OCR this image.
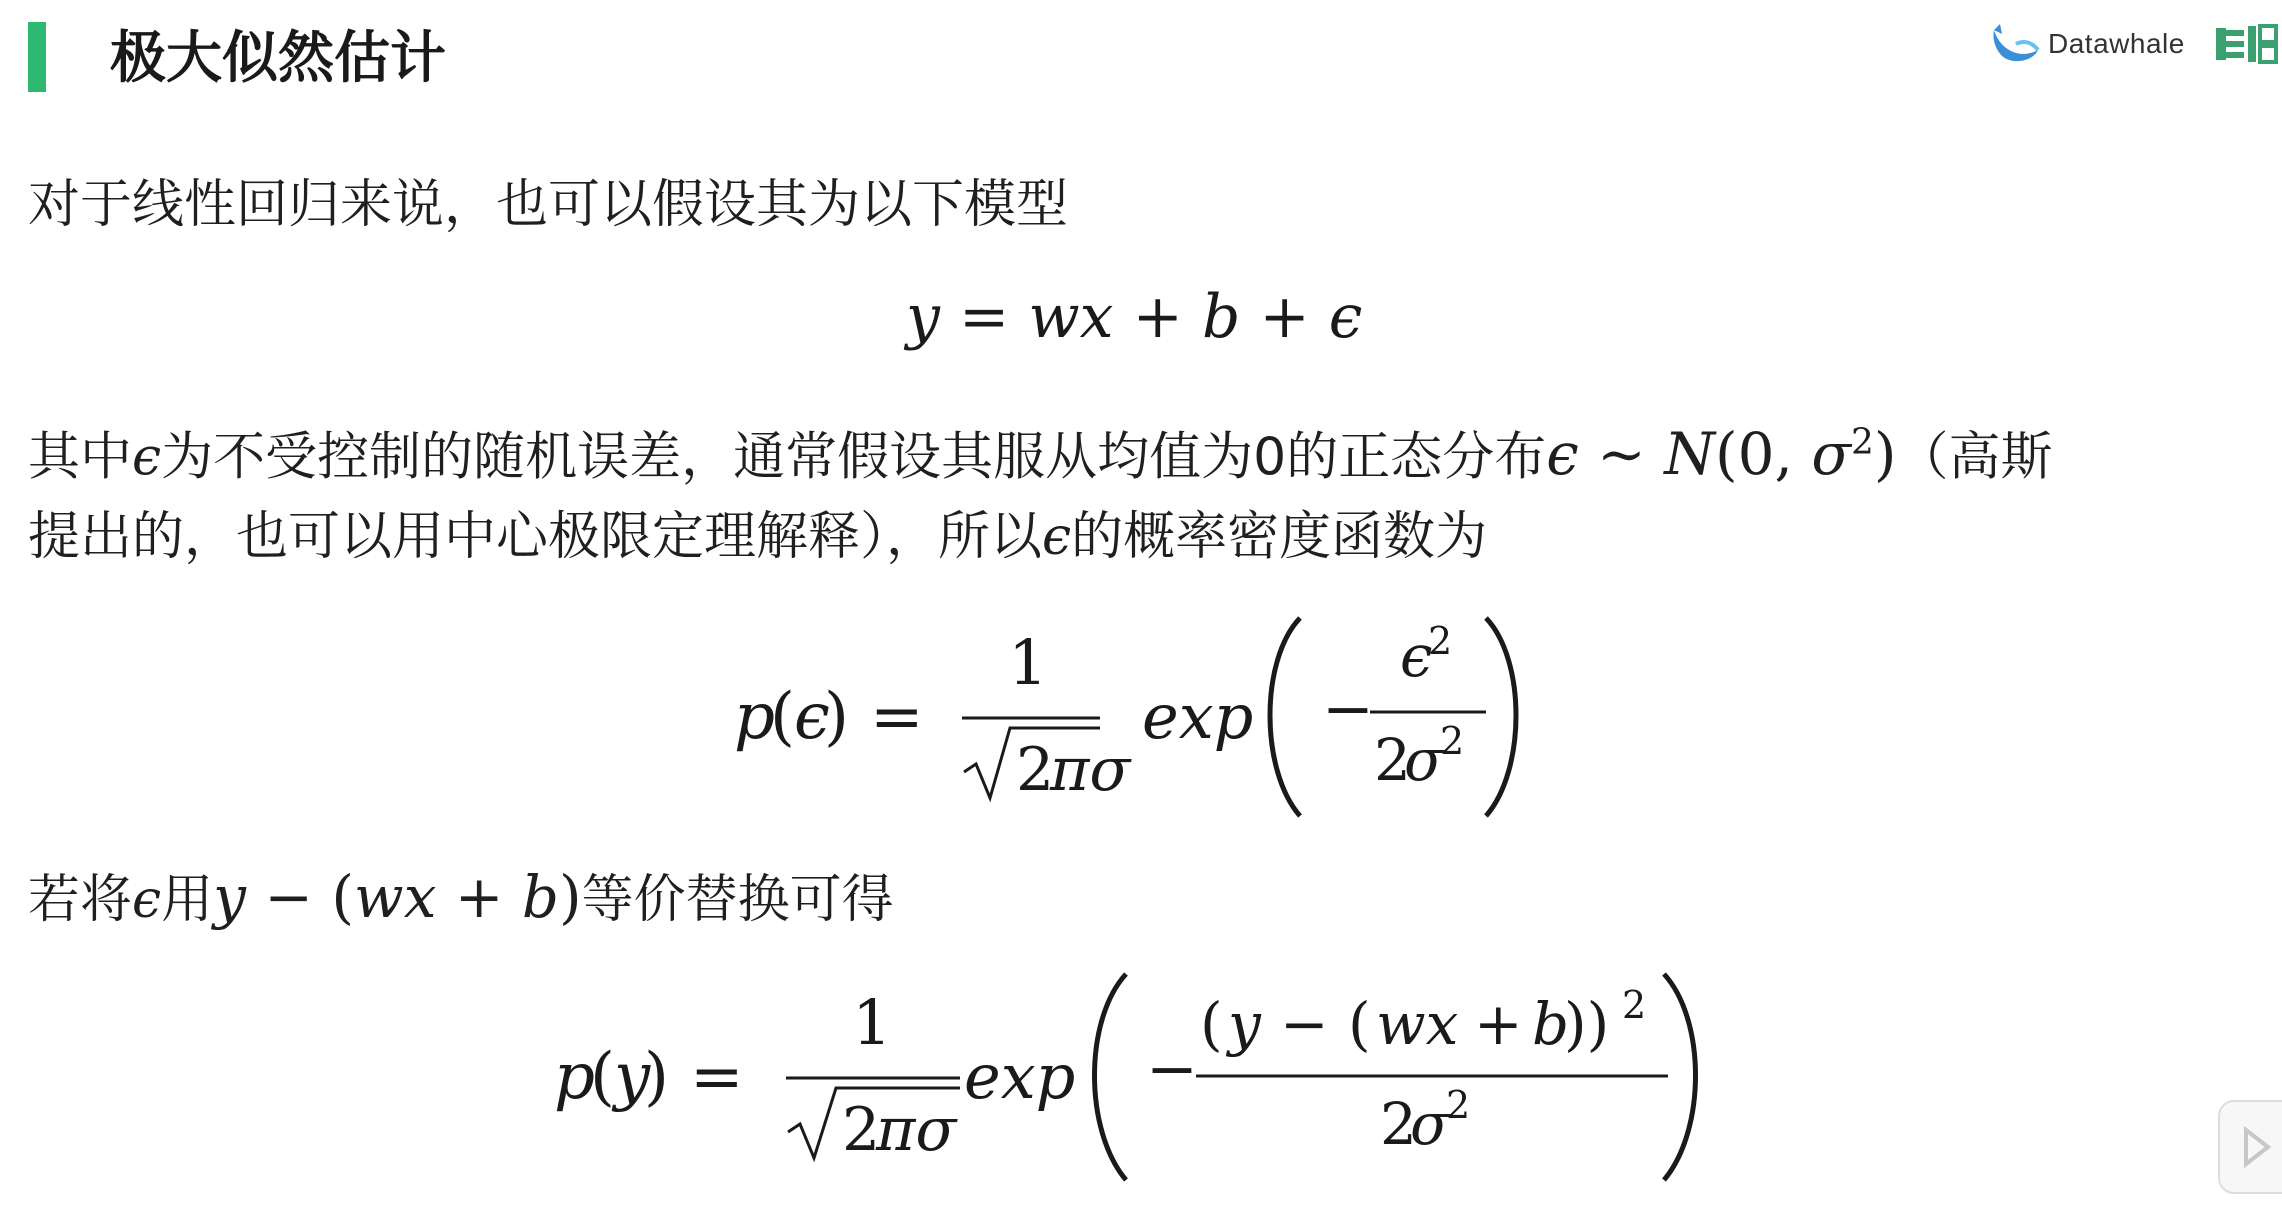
极大似然估计	Datawhale
对于线性回归来说，也可以假设其为以下模型
y = wx + b + ϵ
其中ϵ为不受控制的随机误差，通常假设其服从均值为0的正态分布ϵ ∼ N(0, $\sigma^2$)（高斯
提出的，也可以用中心极限定理解释），所以ϵ的概率密度函数为
p
( ϵ
) =
1
2
πσ
exp −
ϵ
2
2
σ
2
若将ϵ用y − (wx + b)等价替换可得
p
( y
) =
1
2
πσ
exp −
( y − ( wx + b
)) 2
2
σ
2
